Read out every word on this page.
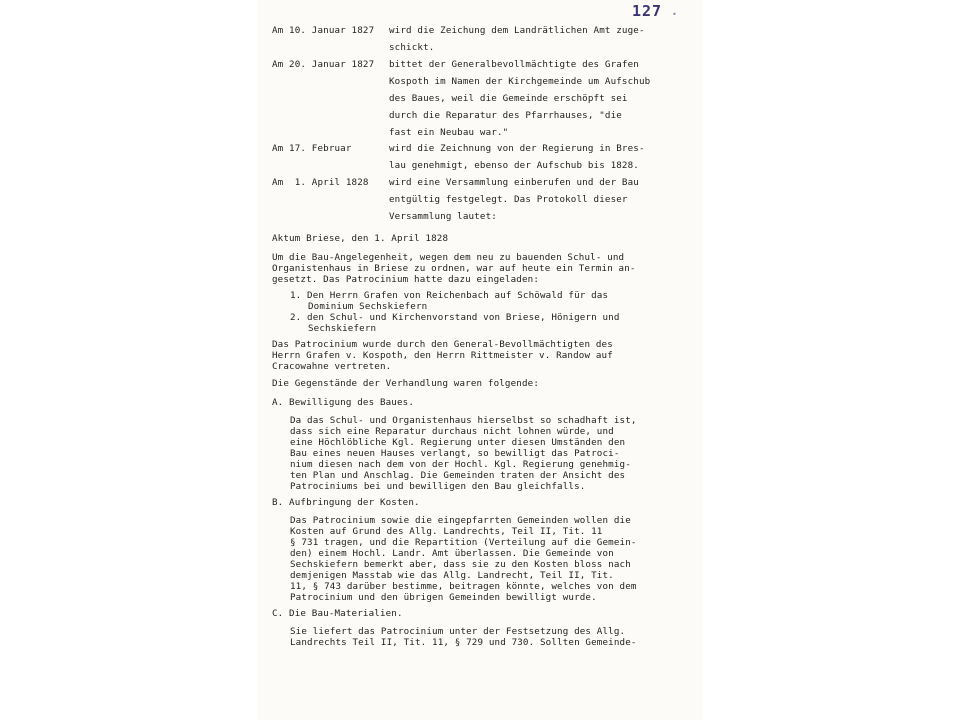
127 •
Am 10. Januar 1827 wird die Zeichung dem Landrätlichen Amt zuge-
schickt.
Am 20. Januar 1827 bittet der Generalbevollmächtigte des Grafen
Kospoth im Namen der Kirchgemeinde um Aufschub
des Baues, weil die Gemeinde erschöpft sei
durch die Reparatur des Pfarrhauses, "die
fast ein Neubau war."
Am 17. Februar	wird die Zeichnung von der Regierung in Bres-
lau genehmigt, ebenso der Aufschub bis 1828.
Am  1. April 1828 wird eine Versammlung einberufen und der Bau
entgültig festgelegt. Das Protokoll dieser
Versammlung lautet:
Aktum Briese, den 1. April 1828
Um die Bau-Angelegenheit, wegen dem neu zu bauenden Schul- und
Organistenhaus in Briese zu ordnen, war auf heute ein Termin an-
gesetzt. Das Patrocinium hatte dazu eingeladen:
1. Den Herrn Grafen von Reichenbach auf Schöwald für das
Dominium Sechskiefern
2. den Schul- und Kirchenvorstand von Briese, Hönigern und
Sechskiefern
Das Patrocinium wurde durch den General-Bevollmächtigten des
Herrn Grafen v. Kospoth, den Herrn Rittmeister v. Randow auf
Cracowahne vertreten.
Die Gegenstände der Verhandlung waren folgende:
A. Bewilligung des Baues.
Da das Schul- und Organistenhaus hierselbst so schadhaft ist,
dass sich eine Reparatur durchaus nicht lohnen würde, und
eine Höchlöbliche Kgl. Regierung unter diesen Umständen den
Bau eines neuen Hauses verlangt, so bewilligt das Patroci-
nium diesen nach dem von der Hochl. Kgl. Regierung genehmig-
ten Plan und Anschlag. Die Gemeinden traten der Ansicht des
Patrociniums bei und bewilligen den Bau gleichfalls.
B. Aufbringung der Kosten.
Das Patrocinium sowie die eingepfarrten Gemeinden wollen die
Kosten auf Grund des Allg. Landrechts, Teil II, Tit. 11
§ 731 tragen, und die Repartition (Verteilung auf die Gemein-
den) einem Hochl. Landr. Amt überlassen. Die Gemeinde von
Sechskiefern bemerkt aber, dass sie zu den Kosten bloss nach
demjenigen Masstab wie das Allg. Landrecht, Teil II, Tit.
11, § 743 darüber bestimme, beitragen könnte, welches von dem
Patrocinium und den übrigen Gemeinden bewilligt wurde.
C. Die Bau-Materialien.
Sie liefert das Patrocinium unter der Festsetzung des Allg.
Landrechts Teil II, Tit. 11, § 729 und 730. Sollten Gemeinde-
